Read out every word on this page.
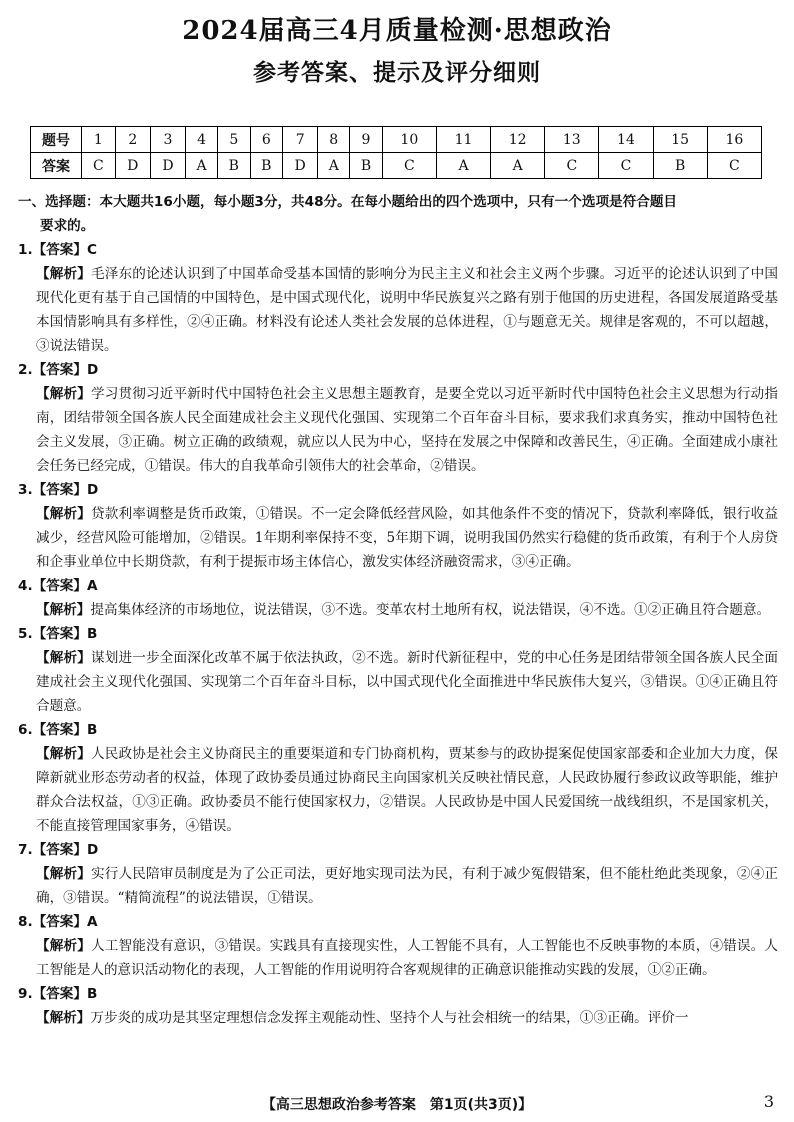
2024届高三4月质量检测·思想政治
参考答案、提示及评分细则
题号	1	2	3	4	5	6	7	8	9	10	11	12	13	14	15	16
答案	C	D	D	A	B	B	D	A	B	C	A	A	C	C	B	C
一、选择题：本大题共16小题，每小题3分，共48分。在每小题给出的四个选项中，只有一个选项是符合题目
要求的。
1.【答案】C
【解析】毛泽东的论述认识到了中国革命受基本国情的影响分为民主主义和社会主义两个步骤。习近平的论述认识到了中国现代化更有基于自己国情的中国特色，是中国式现代化，说明中华民族复兴之路有别于他国的历史进程，各国发展道路受基本国情影响具有多样性，②④正确。材料没有论述人类社会发展的总体进程，①与题意无关。规律是客观的，不可以超越，③说法错误。
2.【答案】D
【解析】学习贯彻习近平新时代中国特色社会主义思想主题教育，是要全党以习近平新时代中国特色社会主义思想为行动指南，团结带领全国各族人民全面建成社会主义现代化强国、实现第二个百年奋斗目标，要求我们求真务实，推动中国特色社会主义发展，③正确。树立正确的政绩观，就应以人民为中心，坚持在发展之中保障和改善民生，④正确。全面建成小康社会任务已经完成，①错误。伟大的自我革命引领伟大的社会革命，②错误。
3.【答案】D
【解析】贷款利率调整是货币政策，①错误。不一定会降低经营风险，如其他条件不变的情况下，贷款利率降低，银行收益减少，经营风险可能增加，②错误。1年期利率保持不变，5年期下调，说明我国仍然实行稳健的货币政策，有利于个人房贷和企事业单位中长期贷款，有利于提振市场主体信心，激发实体经济融资需求，③④正确。
4.【答案】A
【解析】提高集体经济的市场地位，说法错误，③不选。变革农村土地所有权，说法错误，④不选。①②正确且符合题意。
5.【答案】B
【解析】谋划进一步全面深化改革不属于依法执政，②不选。新时代新征程中，党的中心任务是团结带领全国各族人民全面建成社会主义现代化强国、实现第二个百年奋斗目标，以中国式现代化全面推进中华民族伟大复兴，③错误。①④正确且符合题意。
6.【答案】B
【解析】人民政协是社会主义协商民主的重要渠道和专门协商机构，贾某参与的政协提案促使国家部委和企业加大力度，保障新就业形态劳动者的权益，体现了政协委员通过协商民主向国家机关反映社情民意，人民政协履行参政议政等职能，维护群众合法权益，①③正确。政协委员不能行使国家权力，②错误。人民政协是中国人民爱国统一战线组织，不是国家机关，不能直接管理国家事务，④错误。
7.【答案】D
【解析】实行人民陪审员制度是为了公正司法，更好地实现司法为民，有利于减少冤假错案，但不能杜绝此类现象，②④正确，③错误。“精简流程”的说法错误，①错误。
8.【答案】A
【解析】人工智能没有意识，③错误。实践具有直接现实性，人工智能不具有，人工智能也不反映事物的本质，④错误。人工智能是人的意识活动物化的表现，人工智能的作用说明符合客观规律的正确意识能推动实践的发展，①②正确。
9.【答案】B
【解析】万步炎的成功是其坚定理想信念发挥主观能动性、坚持个人与社会相统一的结果，①③正确。评价一
【高三思想政治参考答案　第1页(共3页)】	3
